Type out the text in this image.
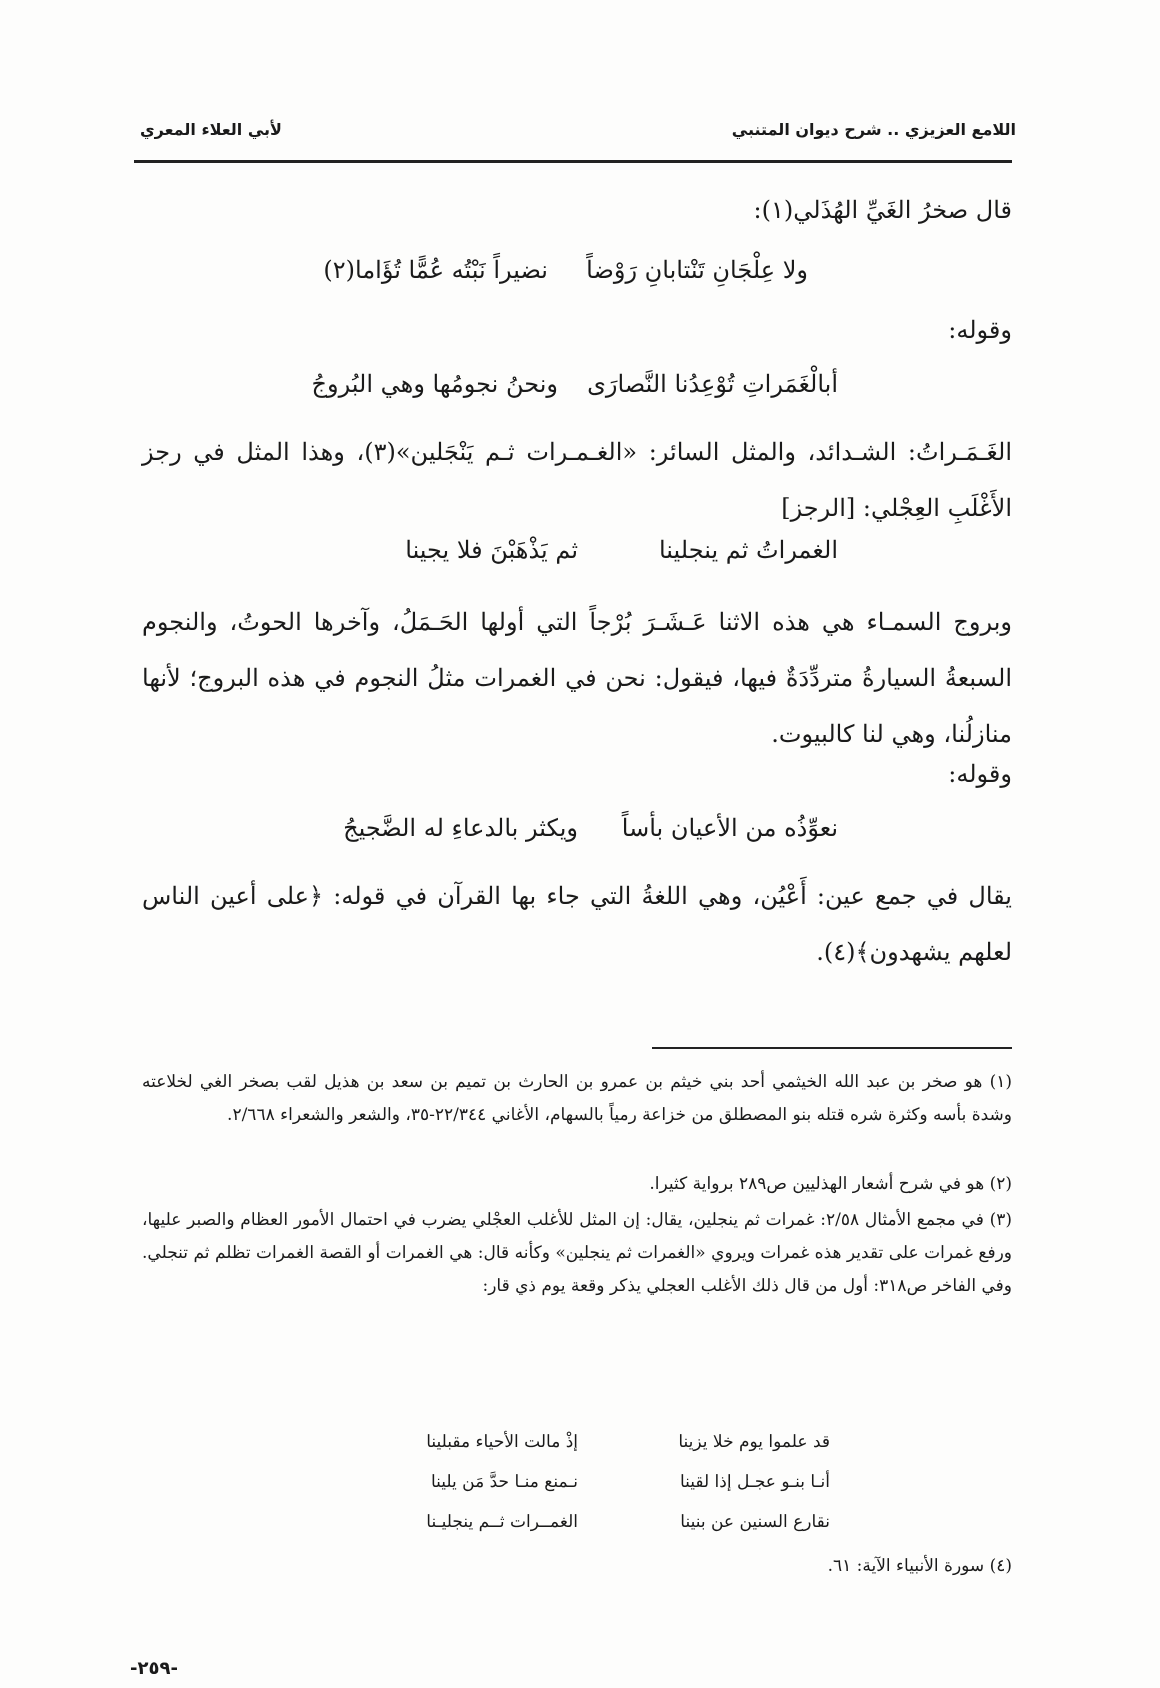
اللامع العزيزي .. شرح ديوان المتنبي
لأبي العلاء المعري
قال صخرُ الغَيِّ الهُذَلي(١):
ولا عِلْجَانِ تَنْتابانِ رَوْضاً
نضيراً نَبْتُه عُمًّا تُؤَاما(٢)
وقوله:
أبالْغَمَراتِ تُوْعِدُنا النَّصارَى
ونحنُ نجومُها وهي البُروجُ
الغَـمَـراتُ: الشـدائد، والمثل السائر: «الغـمـرات ثـم يَنْجَلين»(٣)، وهذا المثل في رجز الأَغْلَبِ العِجْلي: [الرجز]
الغمراتُ ثم ينجلينا
ثم يَذْهَبْنَ فلا يجينا
وبروج السمـاء هي هذه الاثنا عَـشَـرَ بُرْجاً التي أولها الحَـمَلُ، وآخرها الحوتُ، والنجوم السبعةُ السيارةُ متردِّدَةٌ فيها، فيقول: نحن في الغمرات مثلُ النجوم في هذه البروج؛ لأنها منازلُنا، وهي لنا كالبيوت.
وقوله:
نعوِّذُه من الأعيان بأساً
ويكثر بالدعاءِ له الضَّجيجُ
يقال في جمع عين: أَعْيُن، وهي اللغةُ التي جاء بها القرآن في قوله: ﴿على أعين الناس لعلهم يشهدون﴾(٤).
(١) هو صخر بن عبد الله الخيثمي أحد بني خيثم بن عمرو بن الحارث بن تميم بن سعد بن هذيل لقب بصخر الغي لخلاعته وشدة بأسه وكثرة شره قتله بنو المصطلق من خزاعة رمياً بالسهام، الأغاني ٢٢/٣٤٤-٣٥، والشعر والشعراء ٢/٦٦٨.
(٢) هو في شرح أشعار الهذليين ص٢٨٩ برواية كثيرا.
(٣) في مجمع الأمثال ٢/٥٨: غمرات ثم ينجلين، يقال: إن المثل للأغلب العجْلي يضرب في احتمال الأمور العظام والصبر عليها، ورفع غمرات على تقدير هذه غمرات ويروي «الغمرات ثم ينجلين» وكأنه قال: هي الغمرات أو القصة الغمرات تظلم ثم تنجلي. وفي الفاخر ص٣١٨: أول من قال ذلك الأغلب العجلي يذكر وقعة يوم ذي قار:
قد علموا يوم خلا يزينا
إذْ مالت الأحياء مقبلينا
أنـا بنـو عجـل إذا لقينا
نـمنع منـا حدَّ مَن يلينا
نقارع السنين عن بنينا
الغمــرات ثــم ينجليـنا
(٤) سورة الأنبياء الآية: ٦١.
-٢٥٩-
